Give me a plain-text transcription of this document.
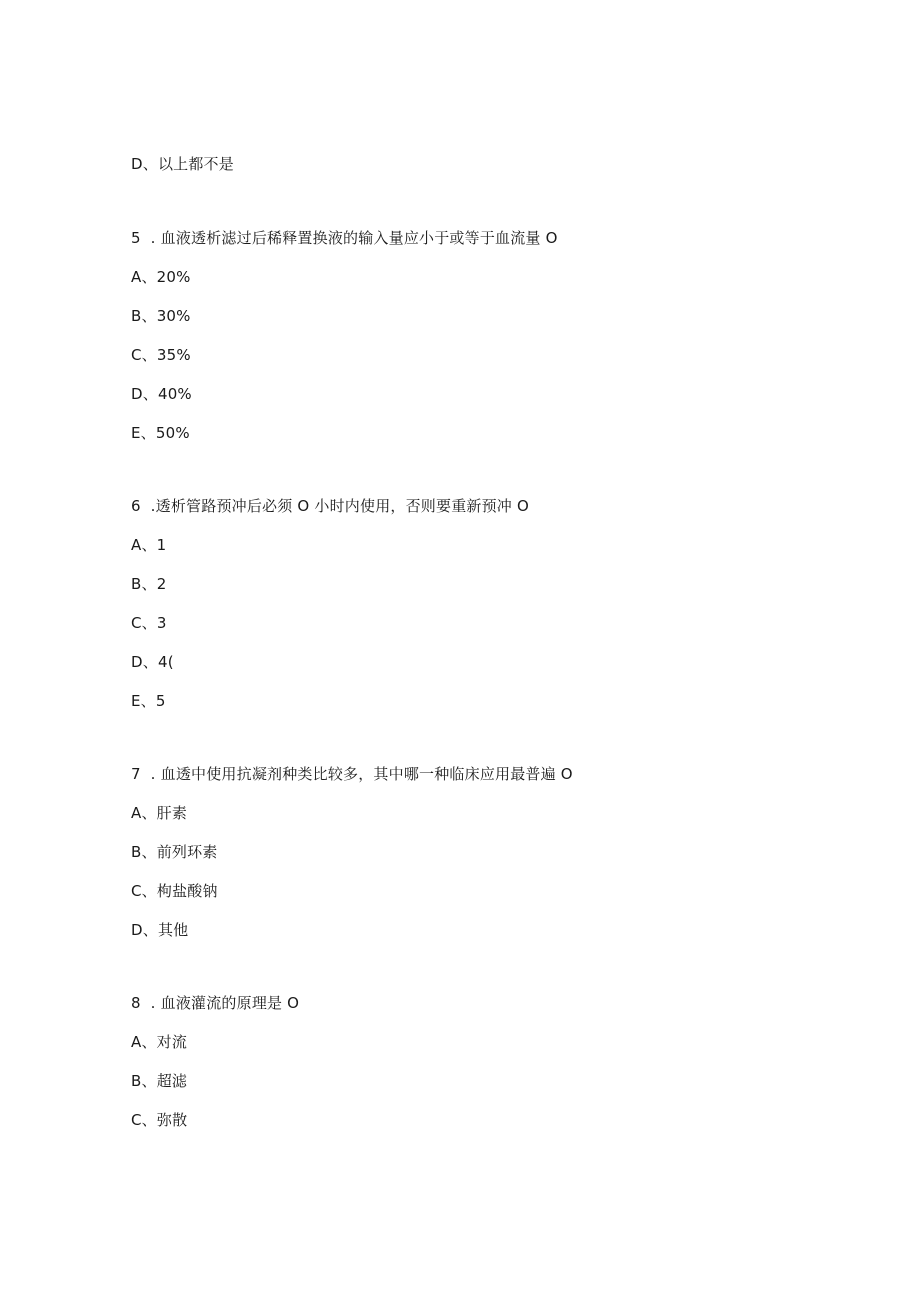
D、以上都不是
5  . 血液透析滤过后稀释置换液的输入量应小于或等于血流量 O
A、20%
B、30%
C、35%
D、40%
E、50%
6  .透析管路预冲后必须 O 小时内使用，否则要重新预冲 O
A、1
B、2
C、3
D、4(
E、5
7  . 血透中使用抗凝剂种类比较多，其中哪一种临床应用最普遍 O
A、肝素
B、前列环素
C、枸盐酸钠
D、其他
8  . 血液灌流的原理是 O
A、对流
B、超滤
C、弥散
